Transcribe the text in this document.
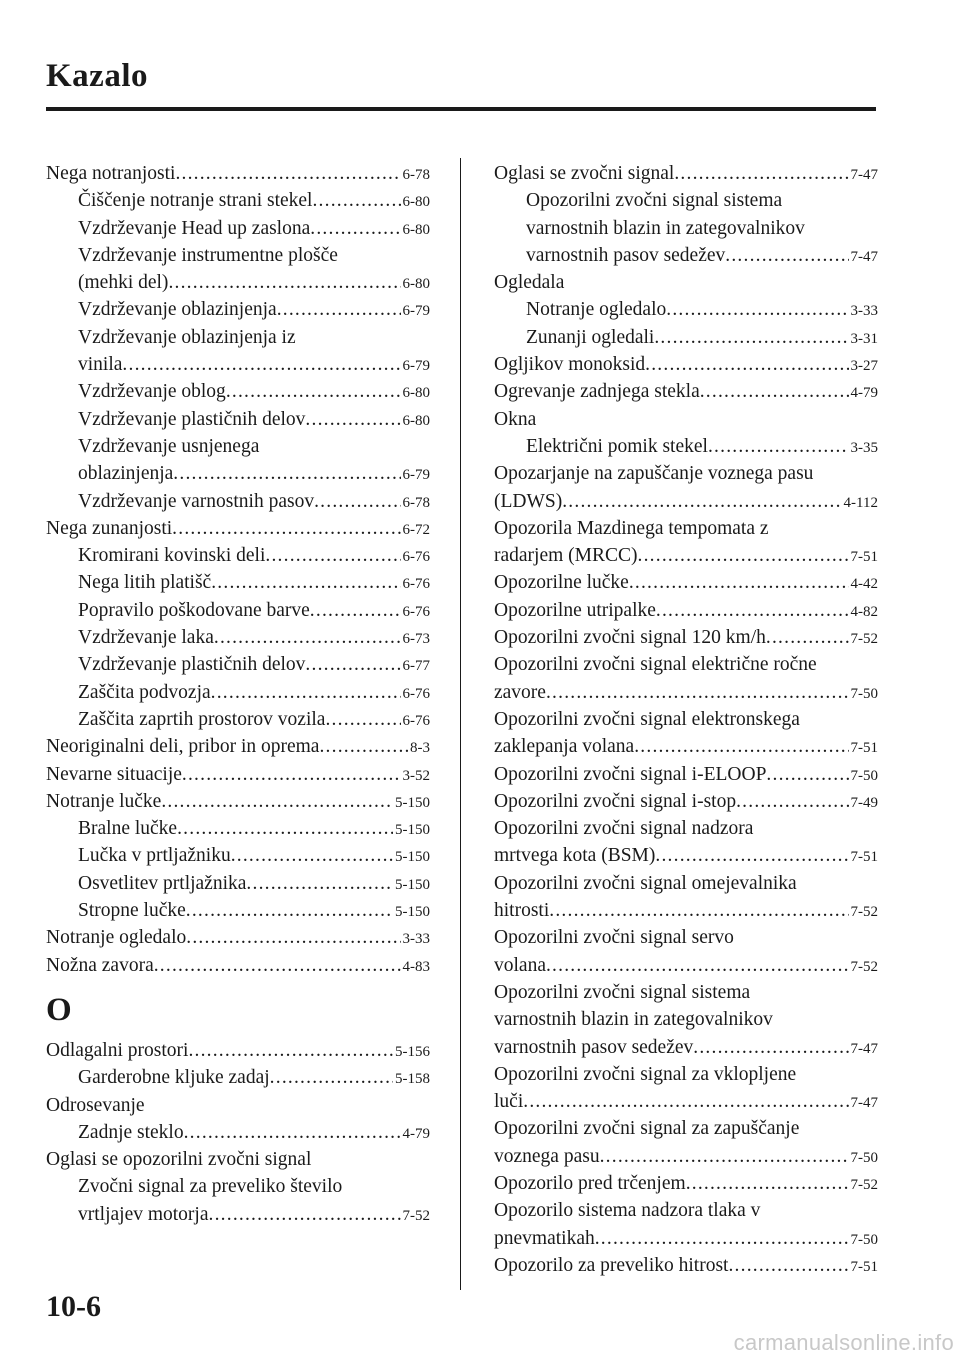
Kazalo
Nega notranjosti .....	6-78
Čiščenje notranje strani stekel .....	6-80
Vzdrževanje Head up zaslona .....	6-80
Vzdrževanje instrumentne plošče
(mehki del) .....	6-80
Vzdrževanje oblazinjenja .....	6-79
Vzdrževanje oblazinjenja iz
vinila .....	6-79
Vzdrževanje oblog .....	6-80
Vzdrževanje plastičnih delov .....	6-80
Vzdrževanje usnjenega
oblazinjenja .....	6-79
Vzdrževanje varnostnih pasov .....	6-78
Nega zunanjosti .....	6-72
Kromirani kovinski deli .....	6-76
Nega litih platišč .....	6-76
Popravilo poškodovane barve .....	6-76
Vzdrževanje laka .....	6-73
Vzdrževanje plastičnih delov .....	6-77
Zaščita podvozja .....	6-76
Zaščita zaprtih prostorov vozila .....	6-76
Neoriginalni deli, pribor in oprema .....	8-3
Nevarne situacije .....	3-52
Notranje lučke .....	5-150
Bralne lučke .....	5-150
Lučka v prtljažniku .....	5-150
Osvetlitev prtljažnika .....	5-150
Stropne lučke .....	5-150
Notranje ogledalo .....	3-33
Nožna zavora .....	4-83
O
Odlagalni prostori .....	5-156
Garderobne kljuke zadaj .....	5-158
Odrosevanje
Zadnje steklo .....	4-79
Oglasi se opozorilni zvočni signal
Zvočni signal za preveliko število
vrtljajev motorja .....	7-52
Oglasi se zvočni signal .....	7-47
Opozorilni zvočni signal sistema
varnostnih blazin in zategovalnikov
varnostnih pasov sedežev .....	7-47
Ogledala
Notranje ogledalo .....	3-33
Zunanji ogledali .....	3-31
Ogljikov monoksid .....	3-27
Ogrevanje zadnjega stekla .....	4-79
Okna
Električni pomik stekel .....	3-35
Opozarjanje na zapuščanje voznega pasu
(LDWS) .....	4-112
Opozorila Mazdinega tempomata z
radarjem (MRCC) .....	7-51
Opozorilne lučke .....	4-42
Opozorilne utripalke .....	4-82
Opozorilni zvočni signal 120 km/h .....	7-52
Opozorilni zvočni signal električne ročne
zavore .....	7-50
Opozorilni zvočni signal elektronskega
zaklepanja volana .....	7-51
Opozorilni zvočni signal i-ELOOP .....	7-50
Opozorilni zvočni signal i-stop .....	7-49
Opozorilni zvočni signal nadzora
mrtvega kota (BSM) .....	7-51
Opozorilni zvočni signal omejevalnika
hitrosti .....	7-52
Opozorilni zvočni signal servo
volana .....	7-52
Opozorilni zvočni signal sistema
varnostnih blazin in zategovalnikov
varnostnih pasov sedežev .....	7-47
Opozorilni zvočni signal za vklopljene
luči .....	7-47
Opozorilni zvočni signal za zapuščanje
voznega pasu .....	7-50
Opozorilo pred trčenjem .....	7-52
Opozorilo sistema nadzora tlaka v
pnevmatikah .....	7-50
Opozorilo za preveliko hitrost .....	7-51
10-6
carmanualsonline.info
